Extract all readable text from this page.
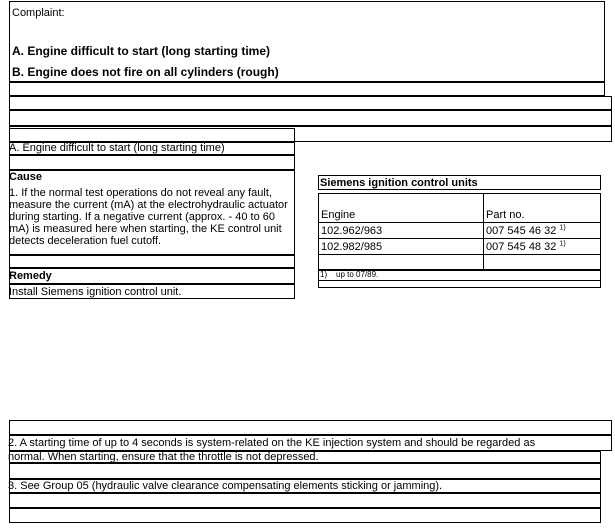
Complaint:
A. Engine difficult to start (long starting time)
B. Engine does not fire on all cylinders (rough)
A. Engine difficult to start (long starting time)
Cause
1. If the normal test operations do not reveal any fault, measure the current (mA) at the electrohydraulic actuator during starting. If a negative current (approx. - 40 to 60 mA) is measured here when starting, the KE control unit detects deceleration fuel cutoff.
Remedy
Install Siemens ignition control unit.
Siemens ignition control units
Engine	Part no.
102.962/963	007 545 46 32 $^{1)}$
102.982/985	007 545 48 32 $^{1)}$
1) up to 07/89.
2. A starting time of up to 4 seconds is system-related on the KE injection system and should be regarded as
normal. When starting, ensure that the throttle is not depressed.
3. See Group 05 (hydraulic valve clearance compensating elements sticking or jamming).
